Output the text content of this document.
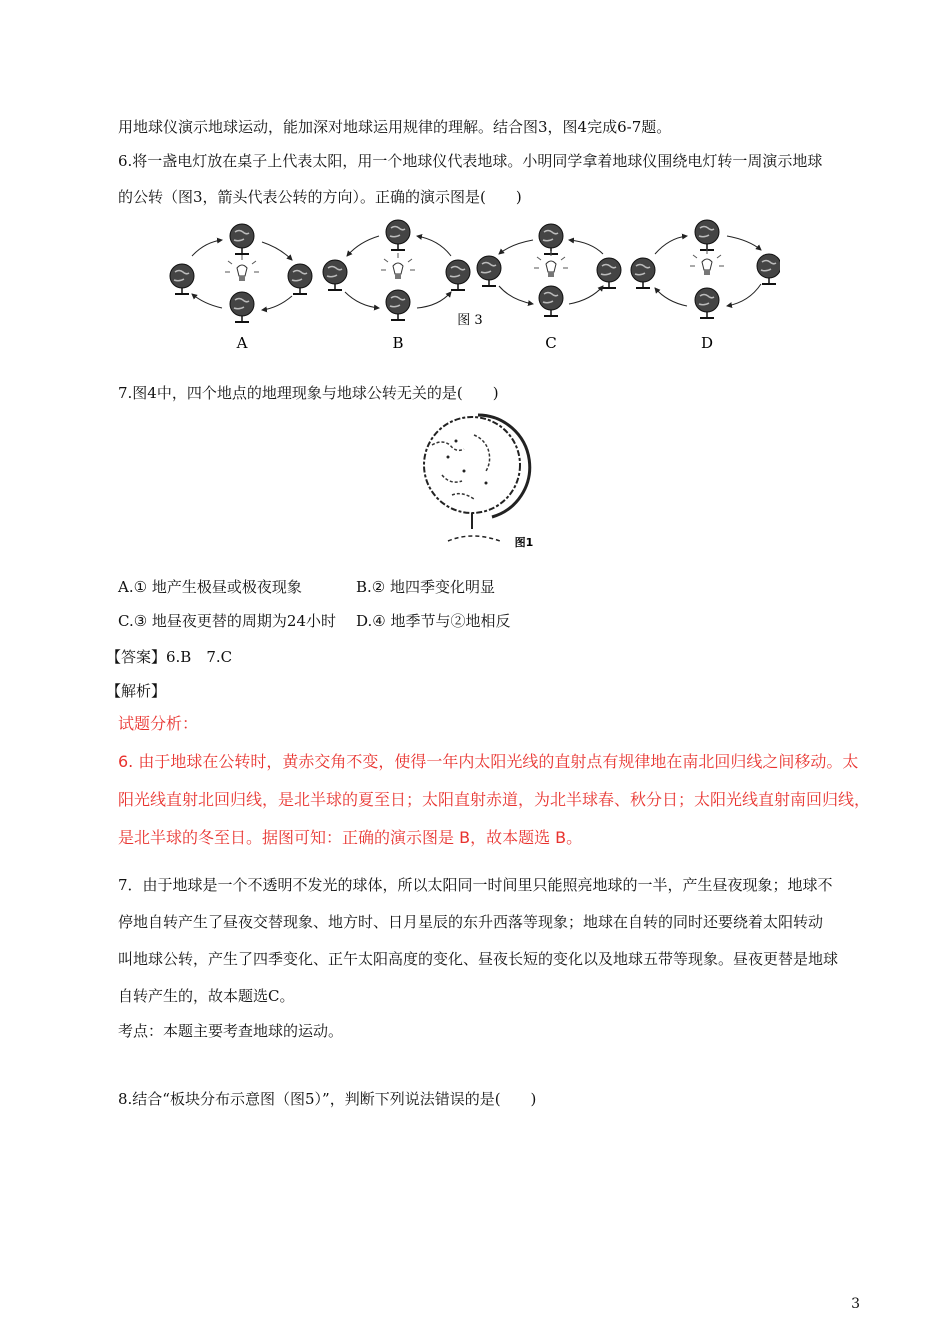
用地球仪演示地球运动，能加深对地球运用规律的理解。结合图3，图4完成6-7题。
6.将一盏电灯放在桌子上代表太阳，用一个地球仪代表地球。小明同学拿着地球仪围绕电灯转一周演示地球
的公转（图3，箭头代表公转的方向）。正确的演示图是(　　)
图 3
A	B	C	D
7.图4中，四个地点的地理现象与地球公转无关的是(　　)
图1
A.① 地产生极昼或极夜现象	B.② 地四季变化明显
C.③ 地昼夜更替的周期为24小时 D.④ 地季节与②地相反
【答案】6.B　7.C
【解析】
试题分析：
6. 由于地球在公转时，黄赤交角不变，使得一年内太阳光线的直射点有规律地在南北回归线之间移动。太
阳光线直射北回归线，是北半球的夏至日；太阳直射赤道，为北半球春、秋分日；太阳光线直射南回归线，
是北半球的冬至日。据图可知：正确的演示图是 B，故本题选 B。
7．由于地球是一个不透明不发光的球体，所以太阳同一时间里只能照亮地球的一半，产生昼夜现象；地球不
停地自转产生了昼夜交替现象、地方时、日月星辰的东升西落等现象；地球在自转的同时还要绕着太阳转动
叫地球公转，产生了四季变化、正午太阳高度的变化、昼夜长短的变化以及地球五带等现象。昼夜更替是地球
自转产生的，故本题选C。
考点：本题主要考查地球的运动。
8.结合“板块分布示意图（图5）”，判断下列说法错误的是(　　)
3
